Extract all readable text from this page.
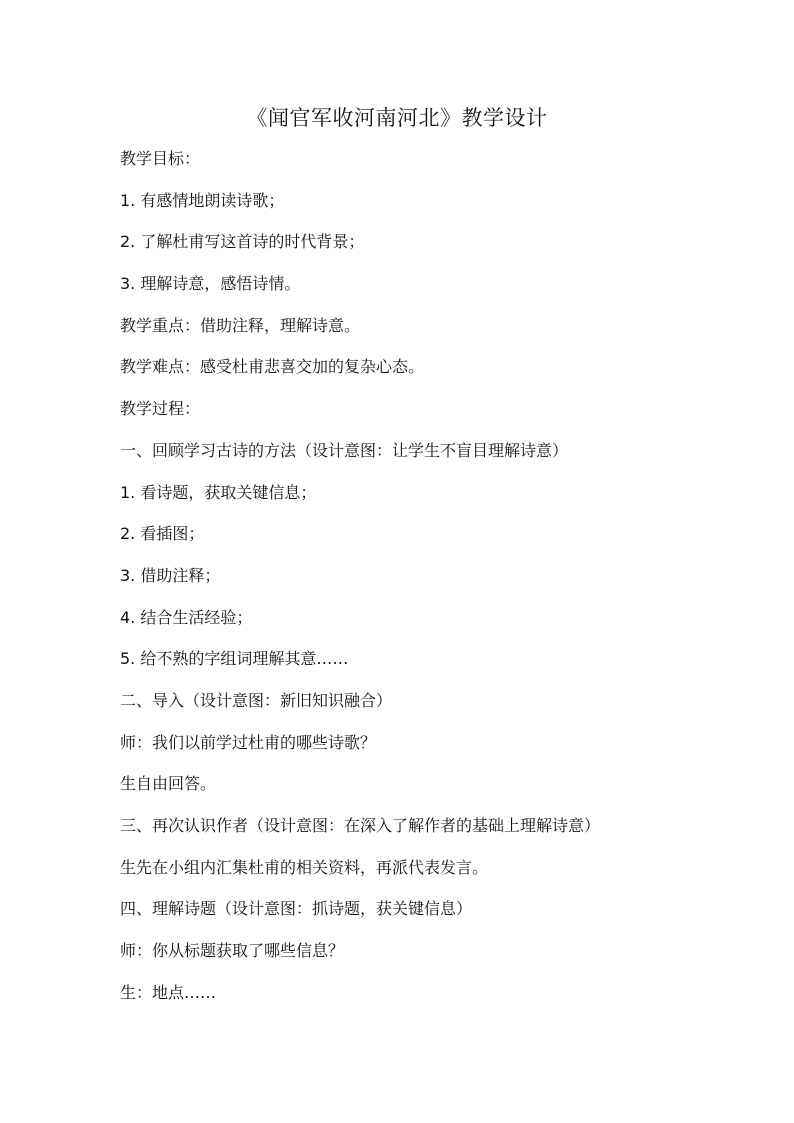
《闻官军收河南河北》教学设计

教学目标：

1. 有感情地朗读诗歌；

2. 了解杜甫写这首诗的时代背景；

3. 理解诗意，感悟诗情。

教学重点：借助注释，理解诗意。

教学难点：感受杜甫悲喜交加的复杂心态。

教学过程：

一、回顾学习古诗的方法（设计意图：让学生不盲目理解诗意）

1. 看诗题，获取关键信息；

2. 看插图；

3. 借助注释；

4. 结合生活经验；

5. 给不熟的字组词理解其意……

二、导入（设计意图：新旧知识融合）

师：我们以前学过杜甫的哪些诗歌？

生自由回答。

三、再次认识作者（设计意图：在深入了解作者的基础上理解诗意）

生先在小组内汇集杜甫的相关资料，再派代表发言。

四、理解诗题（设计意图：抓诗题，获关键信息）

师：你从标题获取了哪些信息？

生：地点……
